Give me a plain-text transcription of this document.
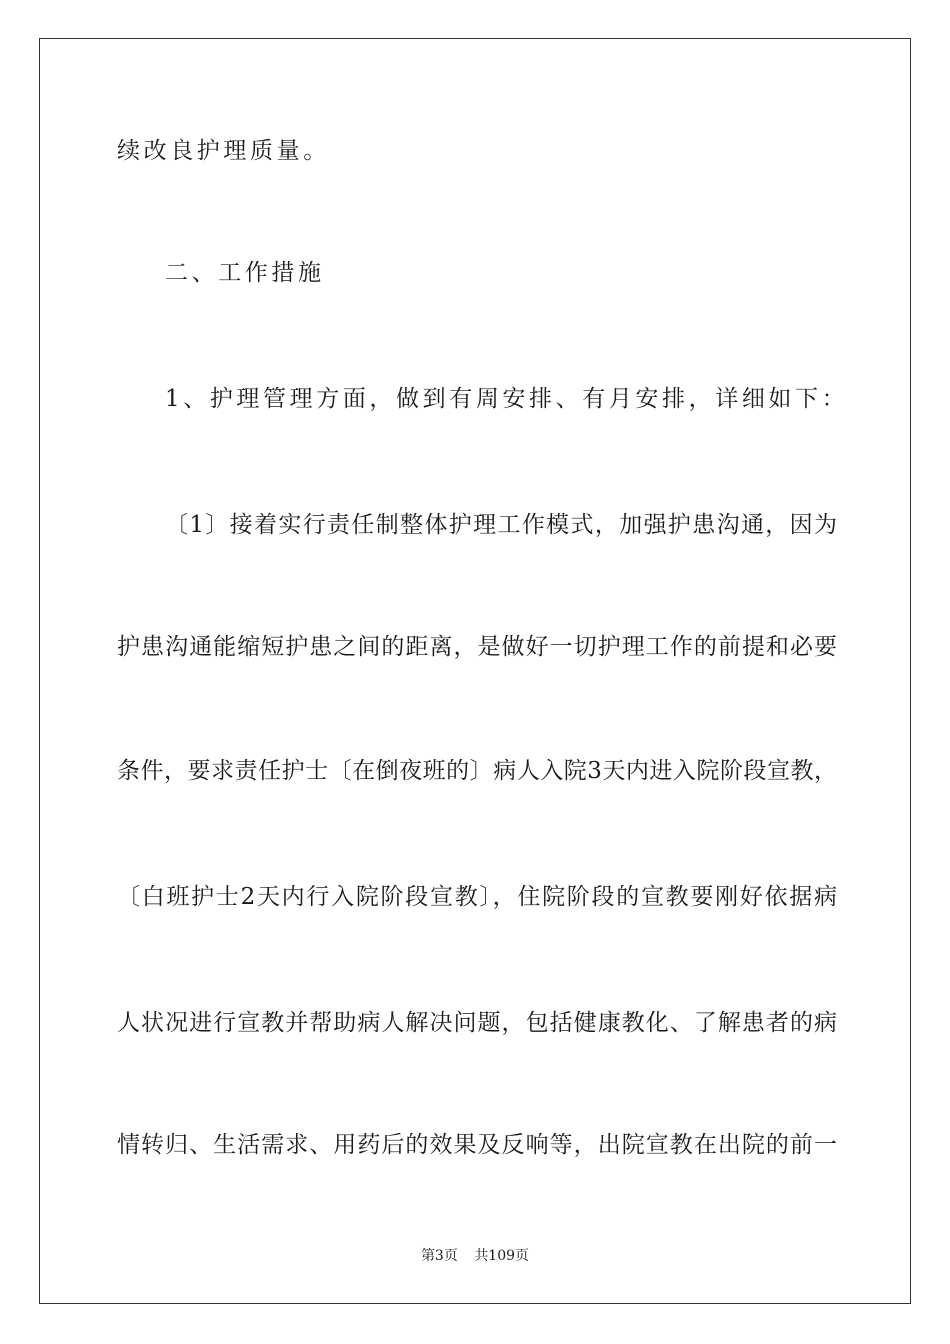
续改良护理质量。
二、工作措施
1、护理管理方面，做到有周安排、有月安排，详细如下：
〔1〕接着实行责任制整体护理工作模式，加强护患沟通，因为
护患沟通能缩短护患之间的距离，是做好一切护理工作的前提和必要
条件，要求责任护士〔在倒夜班的〕病人入院3天内进入院阶段宣教，
〔白班护士2天内行入院阶段宣教〕，住院阶段的宣教要刚好依据病
人状况进行宣教并帮助病人解决问题，包括健康教化、了解患者的病
情转归、生活需求、用药后的效果及反响等，出院宣教在出院的前一
第3页 共109页
